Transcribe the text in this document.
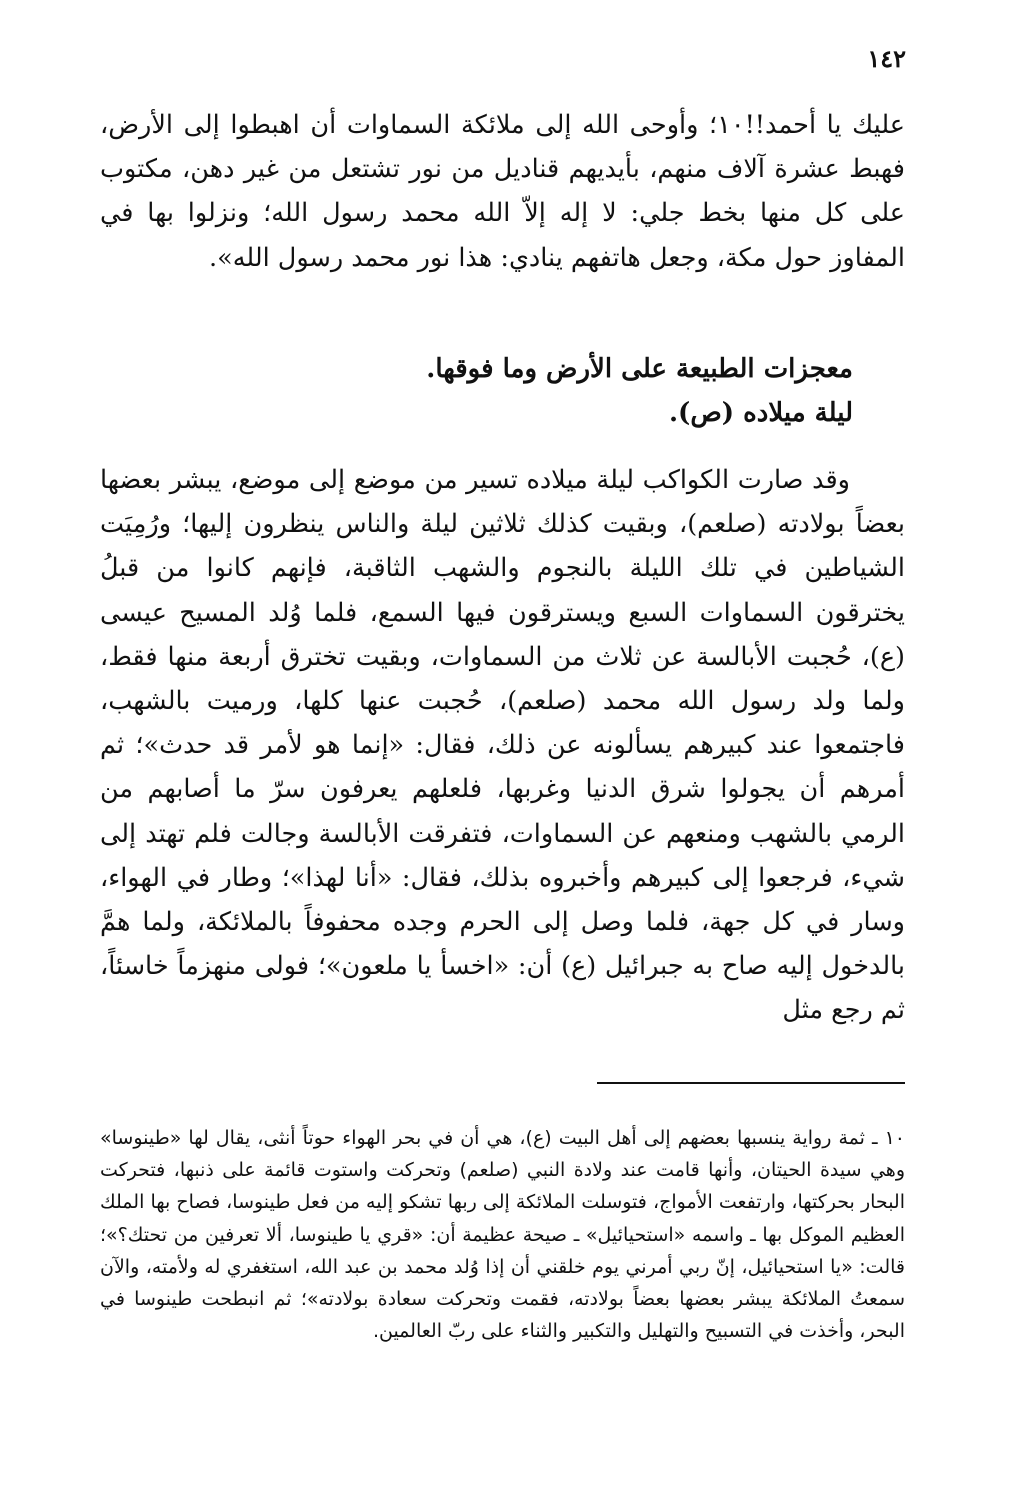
١٤٢

عليك يا أحمد!!١٠؛ وأوحى الله إلى ملائكة السماوات أن اهبطوا إلى الأرض، فهبط عشرة آلاف منهم، بأيديهم قناديل من نور تشتعل من غير دهن، مكتوب على كل منها بخط جلي: لا إله إلاّ الله محمد رسول الله؛ ونزلوا بها في المفاوز حول مكة، وجعل هاتفهم ينادي: هذا نور محمد رسول الله».

معجزات الطبيعة على الأرض وما فوقها.

ليلة ميلاده (ص).

وقد صارت الكواكب ليلة ميلاده تسير من موضع إلى موضع، يبشر بعضها بعضاً بولادته (صلعم)، وبقيت كذلك ثلاثين ليلة والناس ينظرون إليها؛ ورُمِيَت الشياطين في تلك الليلة بالنجوم والشهب الثاقبة، فإنهم كانوا من قبلُ يخترقون السماوات السبع ويسترقون فيها السمع، فلما وُلد المسيح عيسى (ع)، حُجبت الأبالسة عن ثلاث من السماوات، وبقيت تخترق أربعة منها فقط، ولما ولد رسول الله محمد (صلعم)، حُجبت عنها كلها، ورميت بالشهب، فاجتمعوا عند كبيرهم يسألونه عن ذلك، فقال: «إنما هو لأمر قد حدث»؛ ثم أمرهم أن يجولوا شرق الدنيا وغربها، فلعلهم يعرفون سرّ ما أصابهم من الرمي بالشهب ومنعهم عن السماوات، فتفرقت الأبالسة وجالت فلم تهتد إلى شيء، فرجعوا إلى كبيرهم وأخبروه بذلك، فقال: «أنا لهذا»؛ وطار في الهواء، وسار في كل جهة، فلما وصل إلى الحرم وجده محفوفاً بالملائكة، ولما همَّ بالدخول إليه صاح به جبرائيل (ع) أن: «اخسأ يا ملعون»؛ فولى منهزماً خاسئاً، ثم رجع مثل

١٠ ـ ثمة رواية ينسبها بعضهم إلى أهل البيت (ع)، هي أن في بحر الهواء حوتاً أنثى، يقال لها «طينوسا» وهي سيدة الحيتان، وأنها قامت عند ولادة النبي (صلعم) وتحركت واستوت قائمة على ذنبها، فتحركت البحار بحركتها، وارتفعت الأمواج، فتوسلت الملائكة إلى ربها تشكو إليه من فعل طينوسا، فصاح بها الملك العظيم الموكل بها ـ واسمه «استحيائيل» ـ صيحة عظيمة أن: «قري يا طينوسا، ألا تعرفين من تحتك؟»؛ قالت: «يا استحيائيل، إنّ ربي أمرني يوم خلقني أن إذا وُلد محمد بن عبد الله، استغفري له ولأمته، والآن سمعتُ الملائكة يبشر بعضها بعضاً بولادته، فقمت وتحركت سعادة بولادته»؛ ثم انبطحت طينوسا في البحر، وأخذت في التسبيح والتهليل والتكبير والثناء على ربّ العالمين.
